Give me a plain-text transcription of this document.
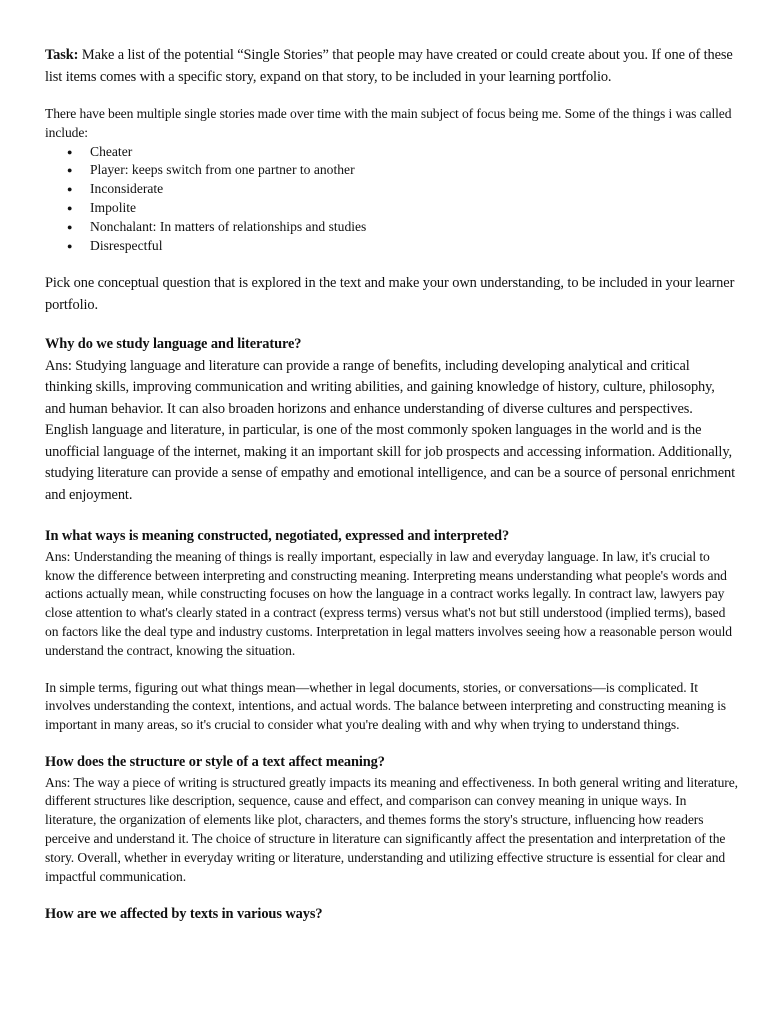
Task: Make a list of the potential “Single Stories” that people may have created or could create about you. If one of these list items comes with a specific story, expand on that story, to be included in your learning portfolio.

There have been multiple single stories made over time with the main subject of focus being me. Some of the things i was called include:

● Cheater
● Player: keeps switch from one partner to another
● Inconsiderate
● Impolite
● Nonchalant: In matters of relationships and studies
● Disrespectful

Pick one conceptual question that is explored in the text and make your own understanding, to be included in your learner portfolio.

Why do we study language and literature?

Ans: Studying language and literature can provide a range of benefits, including developing analytical and critical thinking skills, improving communication and writing abilities, and gaining knowledge of history, culture, philosophy, and human behavior. It can also broaden horizons and enhance understanding of diverse cultures and perspectives. English language and literature, in particular, is one of the most commonly spoken languages in the world and is the unofficial language of the internet, making it an important skill for job prospects and accessing information. Additionally, studying literature can provide a sense of empathy and emotional intelligence, and can be a source of personal enrichment and enjoyment.

In what ways is meaning constructed, negotiated, expressed and interpreted?

Ans: Understanding the meaning of things is really important, especially in law and everyday language. In law, it's crucial to know the difference between interpreting and constructing meaning. Interpreting means understanding what people's words and actions actually mean, while constructing focuses on how the language in a contract works legally. In contract law, lawyers pay close attention to what's clearly stated in a contract (express terms) versus what's not but still understood (implied terms), based on factors like the deal type and industry customs. Interpretation in legal matters involves seeing how a reasonable person would understand the contract, knowing the situation.

In simple terms, figuring out what things mean—whether in legal documents, stories, or conversations—is complicated. It involves understanding the context, intentions, and actual words. The balance between interpreting and constructing meaning is important in many areas, so it's crucial to consider what you're dealing with and why when trying to understand things.

How does the structure or style of a text affect meaning?

Ans: The way a piece of writing is structured greatly impacts its meaning and effectiveness. In both general writing and literature, different structures like description, sequence, cause and effect, and comparison can convey meaning in unique ways. In literature, the organization of elements like plot, characters, and themes forms the story's structure, influencing how readers perceive and understand it. The choice of structure in literature can significantly affect the presentation and interpretation of the story. Overall, whether in everyday writing or literature, understanding and utilizing effective structure is essential for clear and impactful communication.

How are we affected by texts in various ways?
